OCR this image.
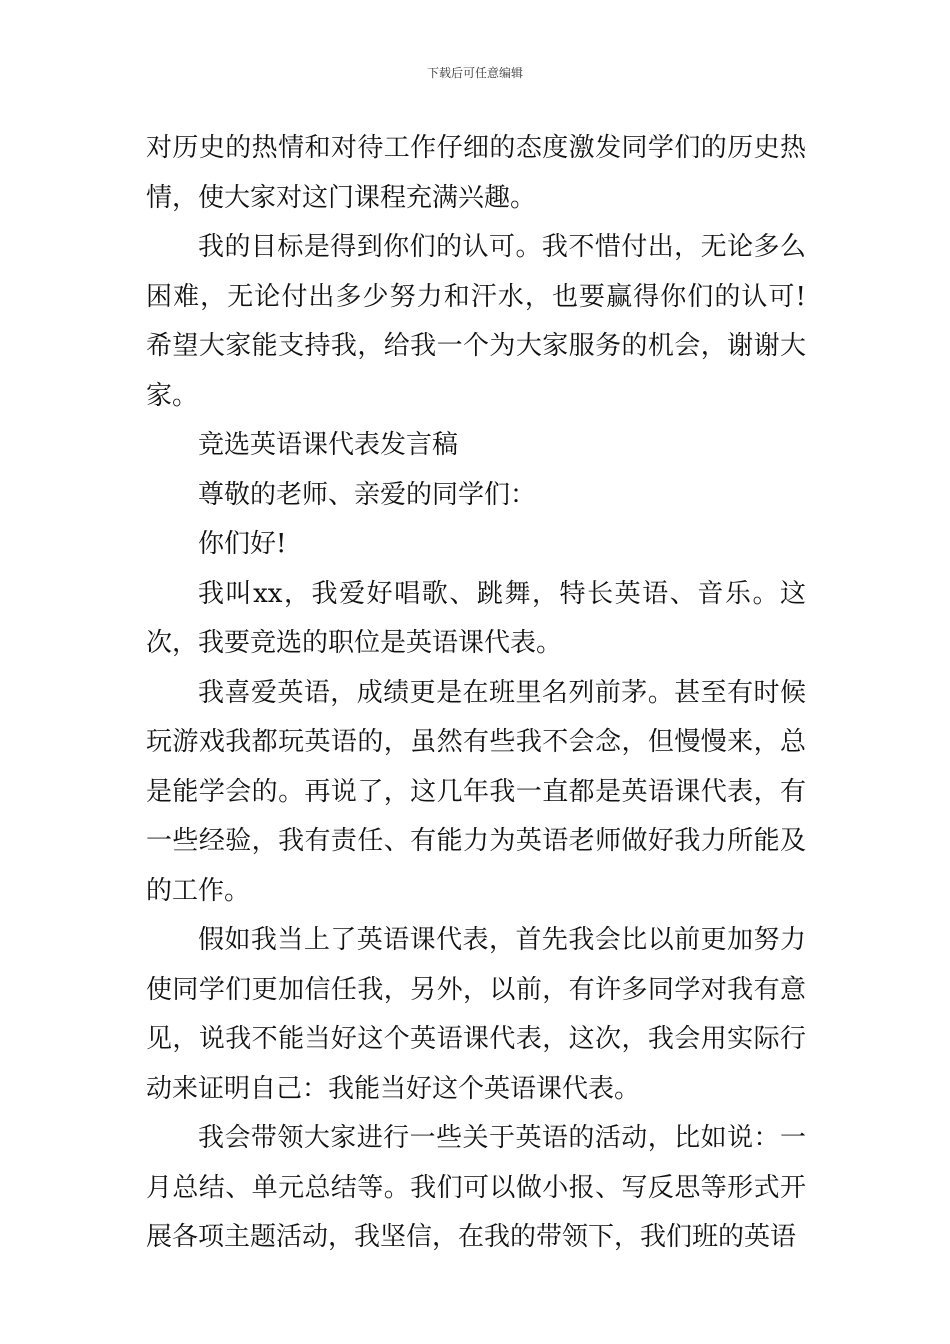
下载后可任意编辑

对历史的热情和对待工作仔细的态度激发同学们的历史热情，使大家对这门课程充满兴趣。

我的目标是得到你们的认可。我不惜付出，无论多么困难，无论付出多少努力和汗水，也要赢得你们的认可!希望大家能支持我，给我一个为大家服务的机会，谢谢大家。

竞选英语课代表发言稿

尊敬的老师、亲爱的同学们：

你们好!

我叫xx，我爱好唱歌、跳舞，特长英语、音乐。这次，我要竞选的职位是英语课代表。

我喜爱英语，成绩更是在班里名列前茅。甚至有时候玩游戏我都玩英语的，虽然有些我不会念，但慢慢来，总是能学会的。再说了，这几年我一直都是英语课代表，有一些经验，我有责任、有能力为英语老师做好我力所能及的工作。

假如我当上了英语课代表，首先我会比以前更加努力使同学们更加信任我，另外，以前，有许多同学对我有意见，说我不能当好这个英语课代表，这次，我会用实际行动来证明自己：我能当好这个英语课代表。

我会带领大家进行一些关于英语的活动，比如说：一月总结、单元总结等。我们可以做小报、写反思等形式开展各项主题活动，我坚信，在我的带领下，我们班的英语
